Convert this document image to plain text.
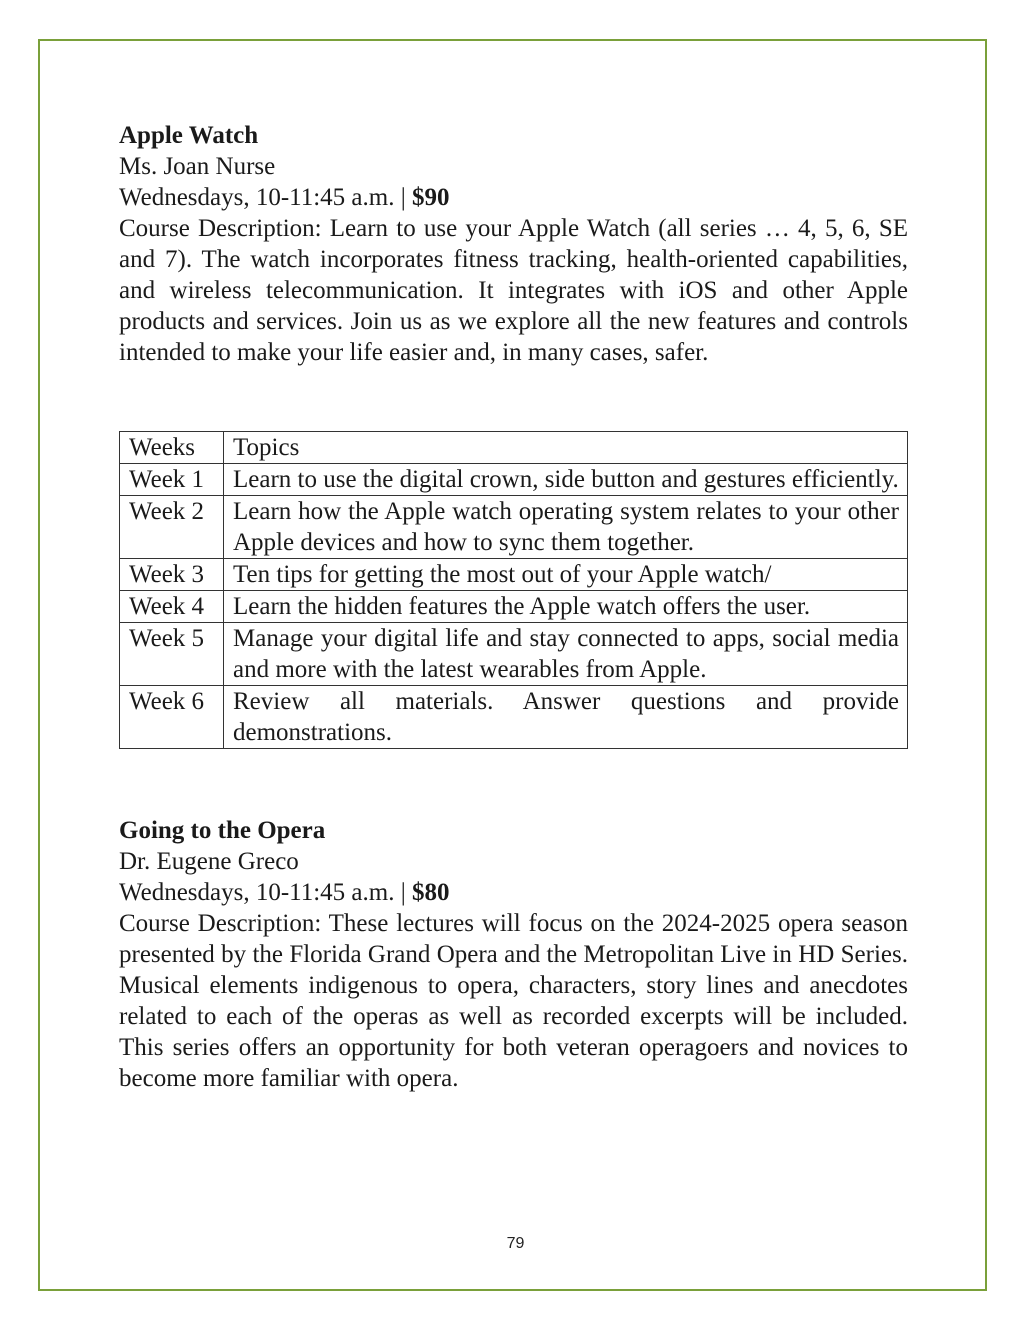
Apple Watch

Ms. Joan Nurse

Wednesdays, 10-11:45 a.m. | $90

Course Description: Learn to use your Apple Watch (all series … 4, 5, 6, SE and 7). The watch incorporates fitness tracking, health-oriented capabilities, and wireless telecommunication. It integrates with iOS and other Apple products and services. Join us as we explore all the new features and controls intended to make your life easier and, in many cases, safer.

Weeks	Topics
Week 1	Learn to use the digital crown, side button and gestures efficiently.
Week 2	Learn how the Apple watch operating system relates to your other Apple devices and how to sync them together.
Week 3	Ten tips for getting the most out of your Apple watch/
Week 4	Learn the hidden features the Apple watch offers the user.
Week 5	Manage your digital life and stay connected to apps, social media and more with the latest wearables from Apple.
Week 6	Review all materials. Answer questions and provide demonstrations.

Going to the Opera

Dr. Eugene Greco

Wednesdays, 10-11:45 a.m. | $80

Course Description: These lectures will focus on the 2024-2025 opera season presented by the Florida Grand Opera and the Metropolitan Live in HD Series. Musical elements indigenous to opera, characters, story lines and anecdotes related to each of the operas as well as recorded excerpts will be included. This series offers an opportunity for both veteran operagoers and novices to become more familiar with opera.

79
